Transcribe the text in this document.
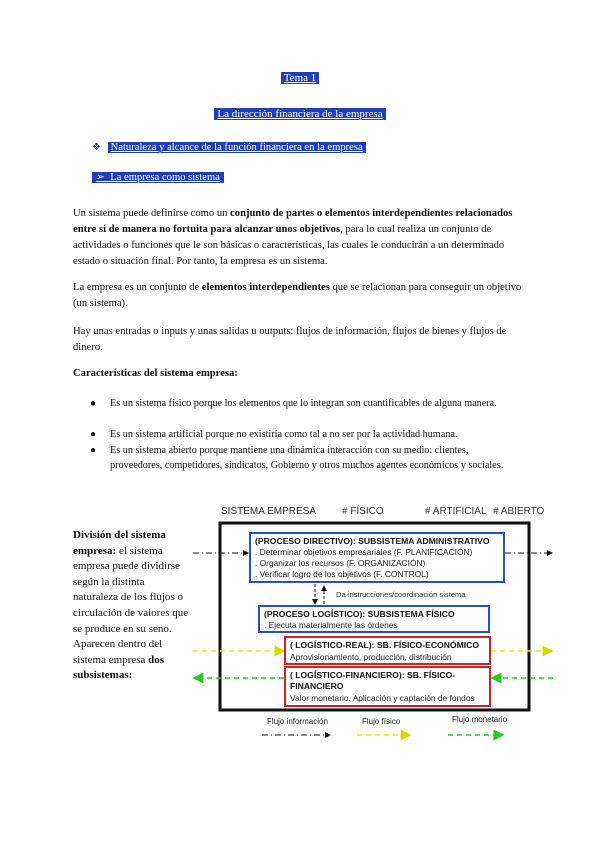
Tema 1
La dirección financiera de la empresa
❖ Naturaleza y alcance de la función financiera en la empresa
➢ La empresa como sistema

Un sistema puede definirse como un conjunto de partes o elementos interdependientes relacionados entre sí de manera no fortuita para alcanzar unos objetivos, para lo cual realiza un conjunto de actividades o funciones que le son básicas o características, las cuales le conducirán a un determinado estado o situación final. Por tanto, la empresa es un sistema.

La empresa es un conjunto de elementos interdependientes que se relacionan para conseguir un objetivo (un sistema).

Hay unas entradas o inputs y unas salidas u outputs: flujos de información, flujos de bienes y flujos de dinero.

Características del sistema empresa:
● Es un sistema físico porque los elementos que lo integran son cuantificables de alguna manera.
● Es un sistema artificial porque no existiría como tal a no ser por la actividad humana.
● Es un sistema abierto porque mantiene una dinámica interacción con su medio: clientes, proveedores, competidores, sindicatos, Gobierno y otros muchos agentes económicos y sociales.
División del sistema empresa: el sistema empresa puede dividirse según la distinta naturaleza de los flujos o circulación de valores que se produce en su seno. Aparecen dentro del sistema empresa dos subsistemas:
SISTEMA EMPRESA	# FÍSICO	# ARTIFICIAL # ABIERTO
(PROCESO DIRECTIVO): SUBSISTEMA ADMINISTRATIVO
. Determinar objetivos empresariales (F. PLANIFICACIÓN)
. Organizar los recursos (F. ORGANIZACIÓN)
. Verificar logro de los objetivos (F. CONTROL)
Da instrucciones/coordinación sistema
(PROCESO LOGÍSTICO): SUBSISTEMA FÍSICO
. Ejecuta materialmente las órdenes
( LOGÍSTICO-REAL): SB. FÍSICO-ECONÓMICO
Aprovisionamiento, producción, distribución
( LOGÍSTICO-FINANCIERO): SB. FÍSICO-
FINANCIERO
Valor monetario. Aplicación y captación de fondos
Flujo información	Flujo físico	Flujo monetario
